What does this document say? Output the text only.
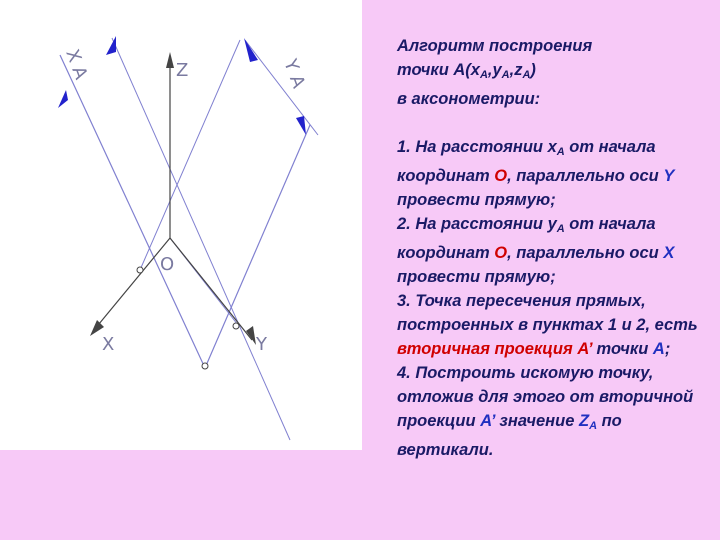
Z
O
X	Y
X A	Y A

Алгоритм построения
точки $А(х_А,у_А,z_А)$
в аксонометрии:

1. На расстоянии $х_А$ от начала координат О, параллельно оси Y провести прямую;

2. На расстоянии $у_А$ от начала координат О, параллельно оси Х провести прямую;

3. Точка пересечения прямых, построенных в пунктах 1 и 2, есть вторичная проекция А’ точки А;

4. Построить искомую точку, отложив для этого от вторичной проекции А’ значение $Z_А$ по вертикали.
